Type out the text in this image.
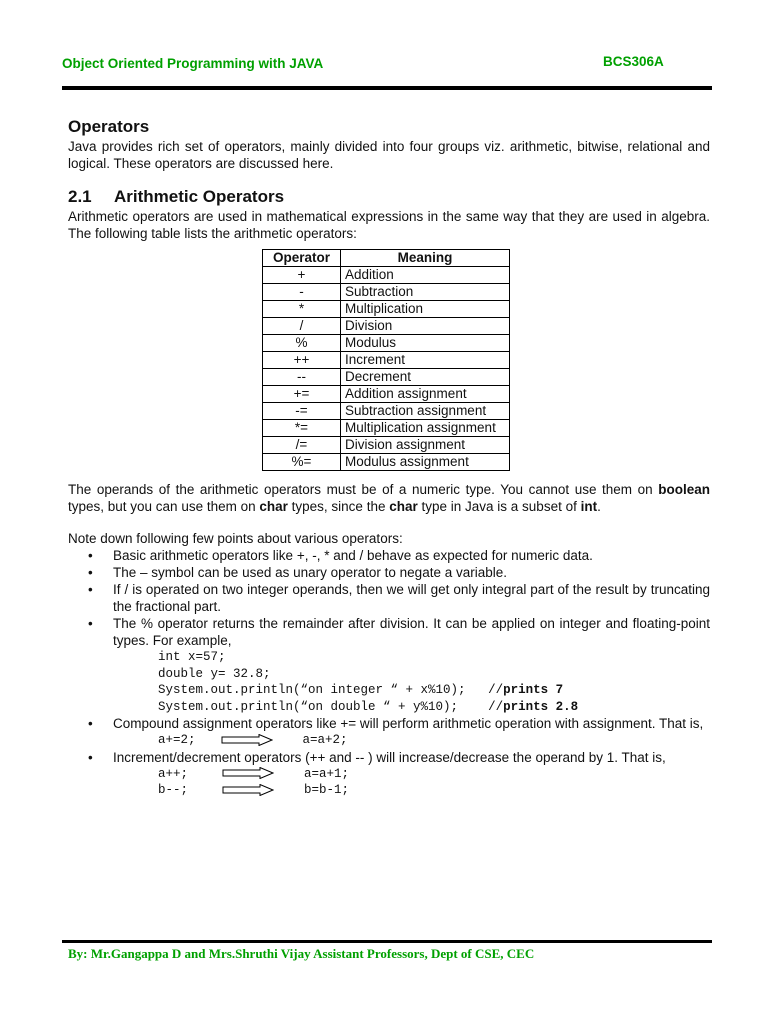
Object Oriented Programming with JAVA	BCS306A
Operators
Java provides rich set of operators, mainly divided into four groups viz. arithmetic, bitwise, relational and logical. These operators are discussed here.
2.1 Arithmetic Operators
Arithmetic operators are used in mathematical expressions in the same way that they are used in algebra. The following table lists the arithmetic operators:
Operator	Meaning
+	Addition
-	Subtraction
*	Multiplication
/	Division
%	Modulus
++	Increment
--	Decrement
+=	Addition assignment
-=	Subtraction assignment
*=	Multiplication assignment
/=	Division assignment
%=	Modulus assignment
The operands of the arithmetic operators must be of a numeric type. You cannot use them on boolean types, but you can use them on char types, since the char type in Java is a subset of int.
Note down following few points about various operators:
• Basic arithmetic operators like +, -, * and / behave as expected for numeric data.
• The – symbol can be used as unary operator to negate a variable.
• If / is operated on two integer operands, then we will get only integral part of the result by truncating the fractional part.
• The % operator returns the remainder after division. It can be applied on integer and floating-point types. For example,
int x=57;
double y= 32.8;
System.out.println(“on integer “ + x%10); //prints 7
System.out.println(“on double “ + y%10); //prints 2.8
• Compound assignment operators like += will perform arithmetic operation with assignment. That is,
a+=2;	a=a+2;
• Increment/decrement operators (++ and -- ) will increase/decrease the operand by 1. That is,
a++;	a=a+1;
b--;	b=b-1;
By: Mr.Gangappa D and Mrs.Shruthi Vijay Assistant Professors, Dept of CSE, CEC
